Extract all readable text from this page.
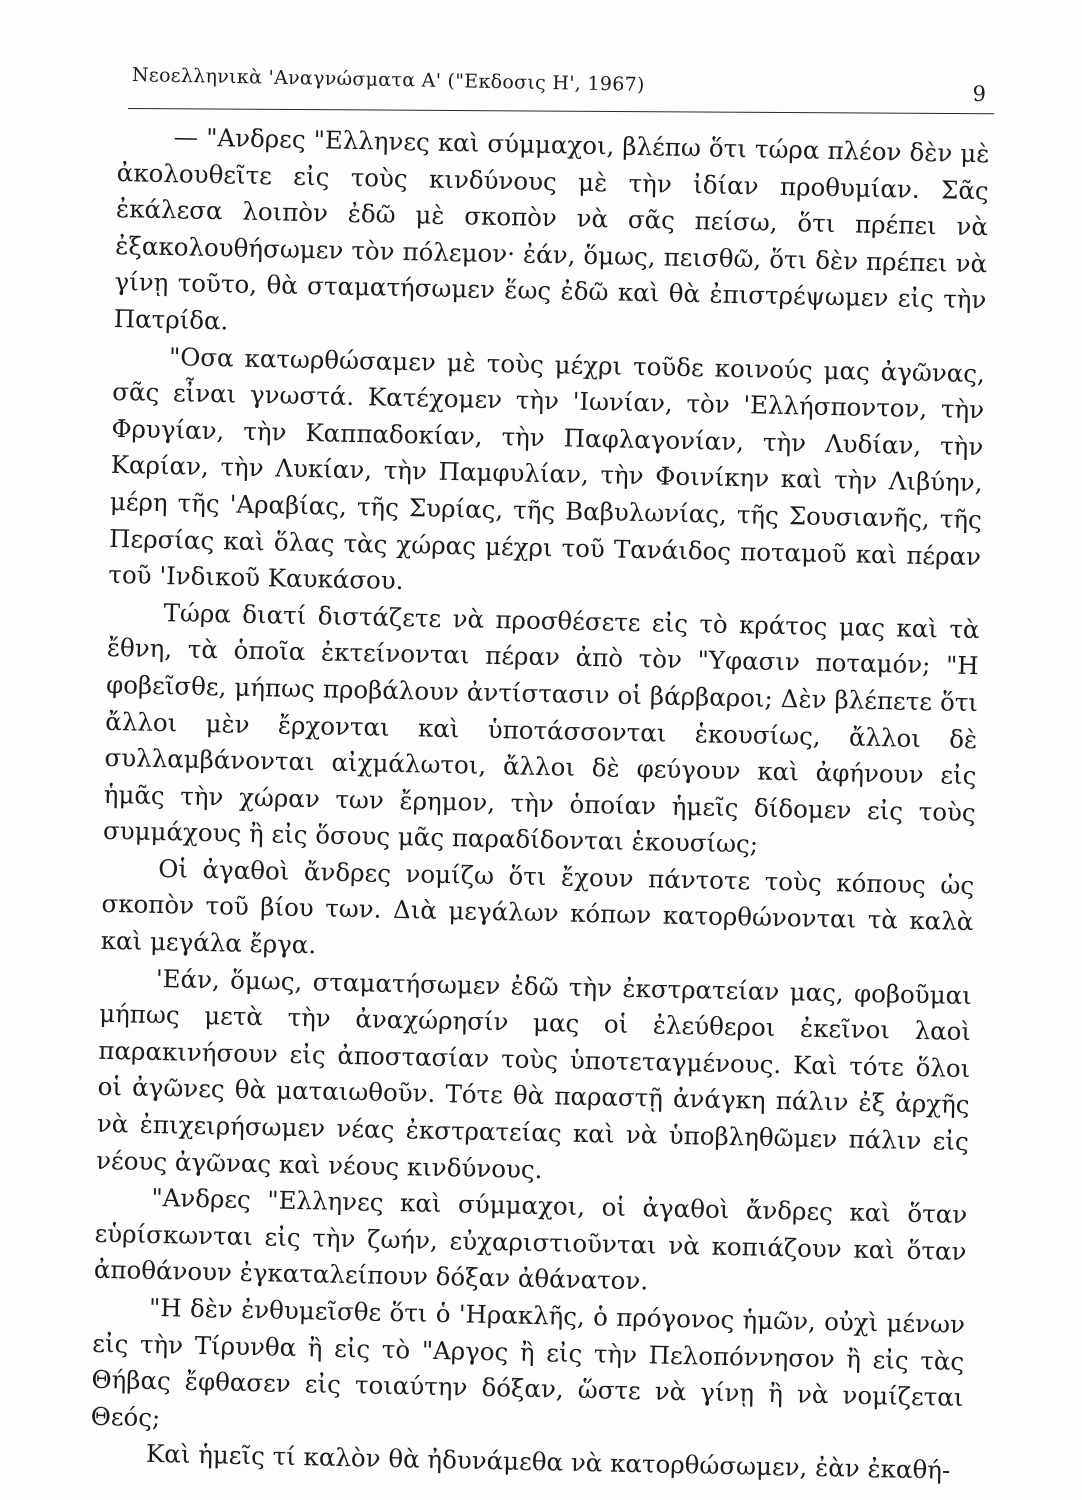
Νεοελληνικὰ 'Αναγνώσματα Α' ("Εκδοσις Η', 1967)	9

— "Ανδρες "Ελληνες καὶ σύμμαχοι, βλέπω ὅτι τώρα πλέον δὲν μὲ ἀκολουθεῖτε εἰς τοὺς κινδύνους μὲ τὴν ἰδίαν προθυμίαν. Σᾶς ἐκάλεσα λοιπὸν ἐδῶ μὲ σκοπὸν νὰ σᾶς πείσω, ὅτι πρέπει νὰ ἐξακολουθήσωμεν τὸν πόλεμον· ἐάν, ὅμως, πεισθῶ, ὅτι δὲν πρέπει νὰ γίνῃ τοῦτο, θὰ σταματήσωμεν ἕως ἐδῶ καὶ θὰ ἐπιστρέψωμεν εἰς τὴν Πατρίδα.

"Οσα κατωρθώσαμεν μὲ τοὺς μέχρι τοῦδε κοινούς μας ἀγῶνας, σᾶς εἶναι γνωστά. Κατέχομεν τὴν 'Ιωνίαν, τὸν 'Ελλήσποντον, τὴν Φρυγίαν, τὴν Καππαδοκίαν, τὴν Παφλαγονίαν, τὴν Λυδίαν, τὴν Καρίαν, τὴν Λυκίαν, τὴν Παμφυλίαν, τὴν Φοινίκην καὶ τὴν Λιβύην, μέρη τῆς 'Αραβίας, τῆς Συρίας, τῆς Βαβυλωνίας, τῆς Σουσιανῆς, τῆς Περσίας καὶ ὅλας τὰς χώρας μέχρι τοῦ Τανάιδος ποταμοῦ καὶ πέραν τοῦ 'Ινδικοῦ Καυκάσου.

Τώρα διατί διστάζετε νὰ προσθέσετε εἰς τὸ κράτος μας καὶ τὰ ἔθνη, τὰ ὁποῖα ἐκτείνονται πέραν ἀπὸ τὸν "Υφασιν ποταμόν; "Η φοβεῖσθε, μήπως προβάλουν ἀντίστασιν οἱ βάρβαροι; Δὲν βλέπετε ὅτι ἄλλοι μὲν ἔρχονται καὶ ὑποτάσσονται ἑκουσίως, ἄλλοι δὲ συλλαμβάνονται αἰχμάλωτοι, ἄλλοι δὲ φεύγουν καὶ ἀφήνουν εἰς ἡμᾶς τὴν χώραν των ἔρημον, τὴν ὁποίαν ἡμεῖς δίδομεν εἰς τοὺς συμμάχους ἢ εἰς ὅσους μᾶς παραδίδονται ἑκουσίως;

Οἱ ἀγαθοὶ ἄνδρες νομίζω ὅτι ἔχουν πάντοτε τοὺς κόπους ὡς σκοπὸν τοῦ βίου των. Διὰ μεγάλων κόπων κατορθώνονται τὰ καλὰ καὶ μεγάλα ἔργα.

'Εάν, ὅμως, σταματήσωμεν ἐδῶ τὴν ἐκστρατείαν μας, φοβοῦμαι μήπως μετὰ τὴν ἀναχώρησίν μας οἱ ἐλεύθεροι ἐκεῖνοι λαοὶ παρακινήσουν εἰς ἀποστασίαν τοὺς ὑποτεταγμένους. Καὶ τότε ὅλοι οἱ ἀγῶνες θὰ ματαιωθοῦν. Τότε θὰ παραστῇ ἀνάγκη πάλιν ἐξ ἀρχῆς νὰ ἐπιχειρήσωμεν νέας ἐκστρατείας καὶ νὰ ὑποβληθῶμεν πάλιν εἰς νέους ἀγῶνας καὶ νέους κινδύνους.

"Ανδρες "Ελληνες καὶ σύμμαχοι, οἱ ἀγαθοὶ ἄνδρες καὶ ὅταν εὑρίσκωνται εἰς τὴν ζωήν, εὐχαριστιοῦνται νὰ κοπιάζουν καὶ ὅταν ἀποθάνουν ἐγκαταλείπουν δόξαν ἀθάνατον.

"Η δὲν ἐνθυμεῖσθε ὅτι ὁ 'Ηρακλῆς, ὁ πρόγονος ἡμῶν, οὐχὶ μένων εἰς τὴν Τίρυνθα ἢ εἰς τὸ "Αργος ἢ εἰς τὴν Πελοπόννησον ἢ εἰς τὰς Θήβας ἔφθασεν εἰς τοιαύτην δόξαν, ὥστε νὰ γίνῃ ἢ νὰ νομίζεται Θεός;

Καὶ ἡμεῖς τί καλὸν θὰ ἠδυνάμεθα νὰ κατορθώσωμεν, ἐὰν ἐκαθή-
